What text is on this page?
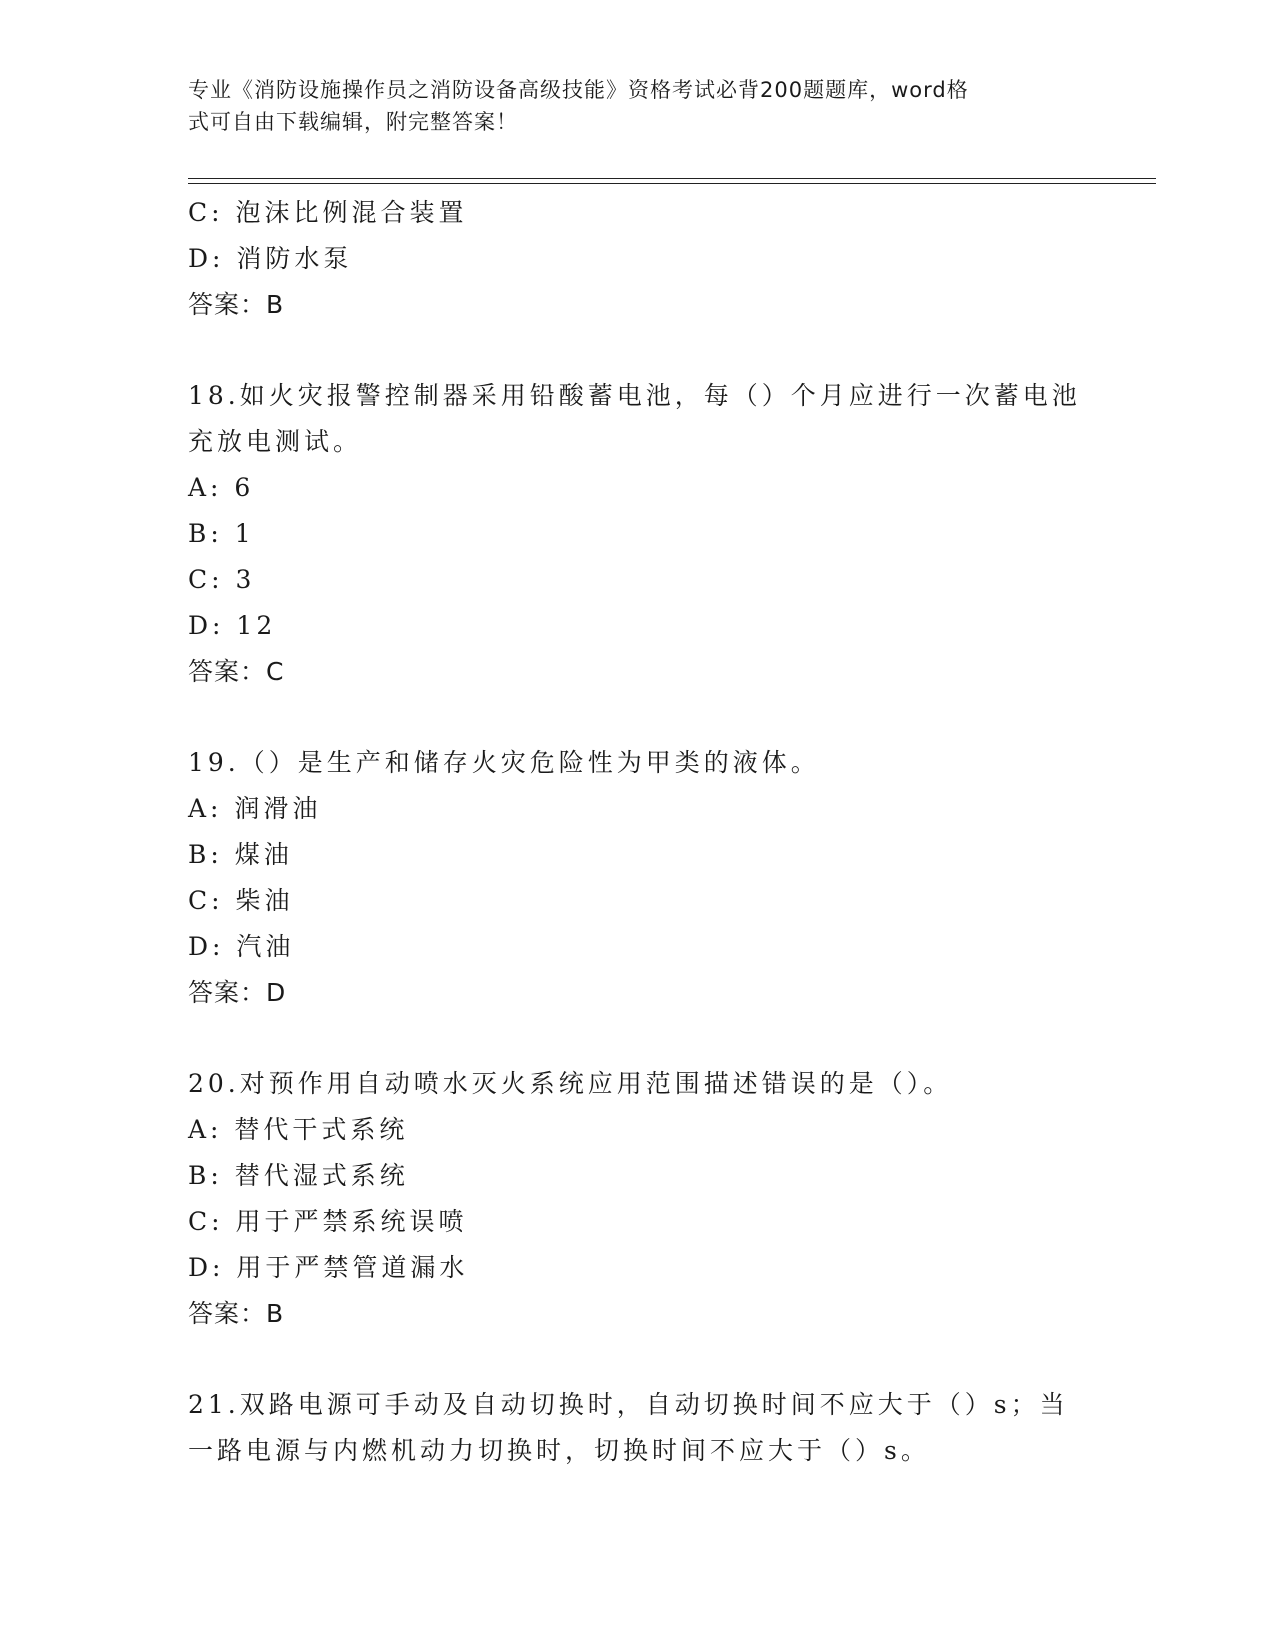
专业《消防设施操作员之消防设备高级技能》资格考试必背200题题库，word格
式可自由下载编辑，附完整答案！
C: 泡沫比例混合装置
D: 消防水泵
答案：B
18.如火灾报警控制器采用铅酸蓄电池，每（）个月应进行一次蓄电池
充放电测试。
A: 6
B: 1
C: 3
D: 12
答案：C
19.（）是生产和储存火灾危险性为甲类的液体。
A: 润滑油
B: 煤油
C: 柴油
D: 汽油
答案：D
20.对预作用自动喷水灭火系统应用范围描述错误的是（）。
A: 替代干式系统
B: 替代湿式系统
C: 用于严禁系统误喷
D: 用于严禁管道漏水
答案：B
21.双路电源可手动及自动切换时，自动切换时间不应大于（）s；当
一路电源与内燃机动力切换时，切换时间不应大于（）s。
